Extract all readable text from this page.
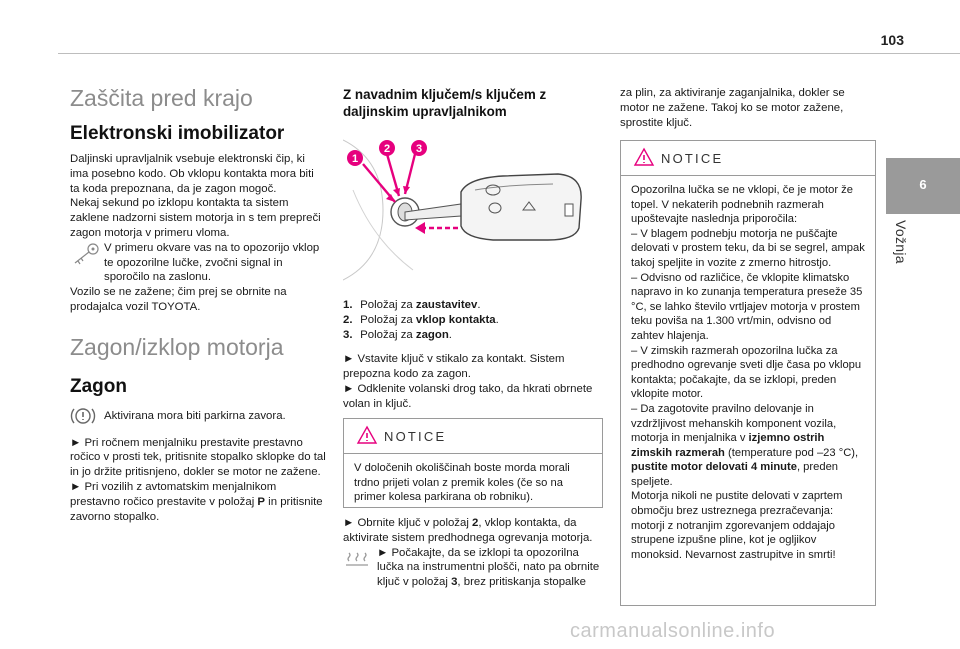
103
6
Vožnja
Zaščita pred krajo
Elektronski imobilizator

Daljinski upravljalnik vsebuje elektronski čip, ki ima posebno kodo. Ob vklopu kontakta mora biti ta koda prepoznana, da je zagon mogoč.

Nekaj sekund po izklopu kontakta ta sistem zaklene nadzorni sistem motorja in s tem prepreči zagon motorja v primeru vloma.

V primeru okvare vas na to opozorijo vklop te opozorilne lučke, zvočni signal in sporočilo na zaslonu.

Vozilo se ne zažene; čim prej se obrnite na prodajalca vozil TOYOTA.

Zagon/izklop motorja
Zagon

Aktivirana mora biti parkirna zavora.

► Pri ročnem menjalniku prestavite prestavno ročico v prosti tek, pritisnite stopalko sklopke do tal in jo držite pritisnjeno, dokler se motor ne zažene.

► Pri vozilih z avtomatskim menjalnikom prestavno ročico prestavite v položaj P in pritisnite zavorno stopalko.

Z navadnim ključem/s ključem z daljinskim upravljalnikom
1
2 3

1. Položaj za zaustavitev.

2. Položaj za vklop kontakta.

3. Položaj za zagon.

► Vstavite ključ v stikalo za kontakt. Sistem prepozna kodo za zagon.

► Odklenite volanski drog tako, da hkrati obrnete volan in ključ.

NOTICE
V določenih okoliščinah boste morda morali trdno prijeti volan z premik koles (če so na primer kolesa parkirana ob robniku).

► Obrnite ključ v položaj 2, vklop kontakta, da aktivirate sistem predhodnega ogrevanja motorja.

► Počakajte, da se izklopi ta opozorilna lučka na instrumentni plošči, nato pa obrnite ključ v položaj 3, brez pritiskanja stopalke

za plin, za aktiviranje zaganjalnika, dokler se motor ne zažene. Takoj ko se motor zažene, sprostite ključ.

NOTICE
Opozorilna lučka se ne vklopi, če je motor že topel. V nekaterih podnebnih razmerah upoštevajte naslednja priporočila:
– V blagem podnebju motorja ne puščajte delovati v prostem teku, da bi se segrel, ampak takoj speljite in vozite z zmerno hitrostjo.
– Odvisno od različice, če vklopite klimatsko napravo in ko zunanja temperatura preseže 35 °C, se lahko število vrtljajev motorja v prostem teku poviša na 1.300 vrt/min, odvisno od zahtev hlajenja.
– V zimskih razmerah opozorilna lučka za predhodno ogrevanje sveti dlje časa po vklopu kontakta; počakajte, da se izklopi, preden vklopite motor.
– Da zagotovite pravilno delovanje in vzdržljivost mehanskih komponent vozila, motorja in menjalnika v izjemno ostrih zimskih razmerah (temperature pod –23 °C), pustite motor delovati 4 minute, preden speljete.
Motorja nikoli ne pustite delovati v zaprtem območju brez ustreznega prezračevanja: motorji z notranjim zgorevanjem oddajajo strupene izpušne pline, kot je ogljikov monoksid. Nevarnost zastrupitve in smrti!
carmanualsonline.info
